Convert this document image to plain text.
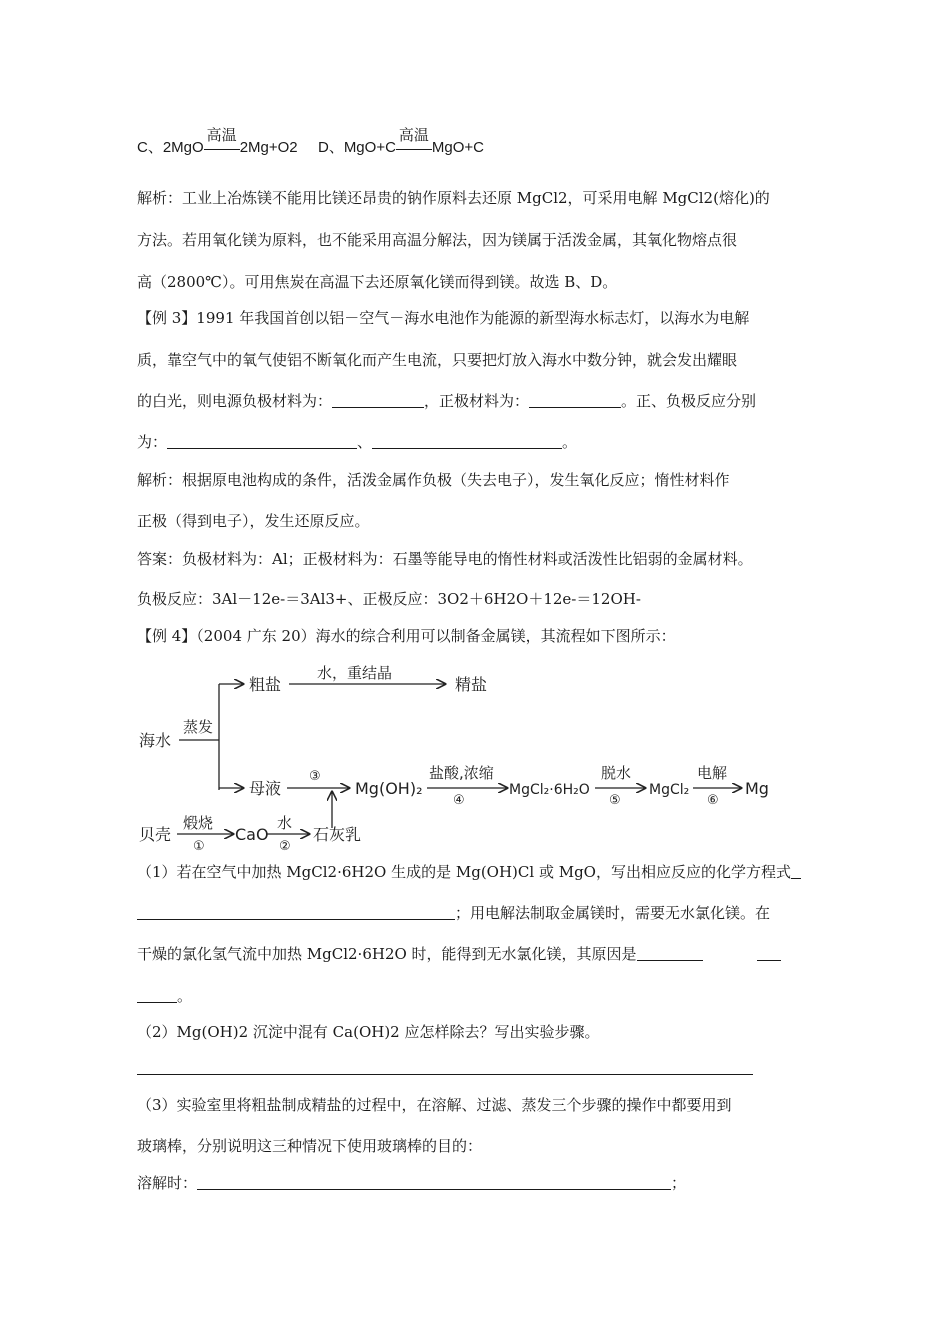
C、2MgO
高温
2Mg+O2 D、MgO+C
高温
MgO+C
解析：工业上冶炼镁不能用比镁还昂贵的钠作原料去还原 MgCl2，可采用电解 MgCl2(熔化)的
方法。若用氧化镁为原料，也不能采用高温分解法，因为镁属于活泼金属，其氧化物熔点很
高（2800℃）。可用焦炭在高温下去还原氧化镁而得到镁。故选 B、D。
【例 3】1991 年我国首创以铝－空气－海水电池作为能源的新型海水标志灯，以海水为电解
质，靠空气中的氧气使铝不断氧化而产生电流，只要把灯放入海水中数分钟，就会发出耀眼
的白光，则电源负极材料为：	，正极材料为：	。正、负极反应分别
为：	、	。
解析：根据原电池构成的条件，活泼金属作负极（失去电子），发生氧化反应；惰性材料作
正极（得到电子），发生还原反应。
答案：负极材料为：Al；正极材料为：石墨等能导电的惰性材料或活泼性比铝弱的金属材料。
负极反应：3Al－12e-＝3Al3+、正极反应：3O2＋6H2O＋12e-＝12OH-
【例 4】（2004 广东 20）海水的综合利用可以制备金属镁，其流程如下图所示：
海水
蒸发
粗盐
水，重结晶
精盐
母液
③
Mg(OH)₂
盐酸,浓缩
④
MgCl₂·6H₂O
脱水
⑤
MgCl₂
电解
⑥
Mg
贝壳
煅烧
①
CaO
水
②
石灰乳
（1）若在空气中加热 MgCl2·6H2O 生成的是 Mg(OH)Cl 或 MgO，写出相应反应的化学方程式
；用电解法制取金属镁时，需要无水氯化镁。在
干燥的氯化氢气流中加热 MgCl2·6H2O 时，能得到无水氯化镁，其原因是
。
（2）Mg(OH)2 沉淀中混有 Ca(OH)2 应怎样除去？写出实验步骤。
（3）实验室里将粗盐制成精盐的过程中，在溶解、过滤、蒸发三个步骤的操作中都要用到
玻璃棒，分别说明这三种情况下使用玻璃棒的目的：
溶解时：	；
